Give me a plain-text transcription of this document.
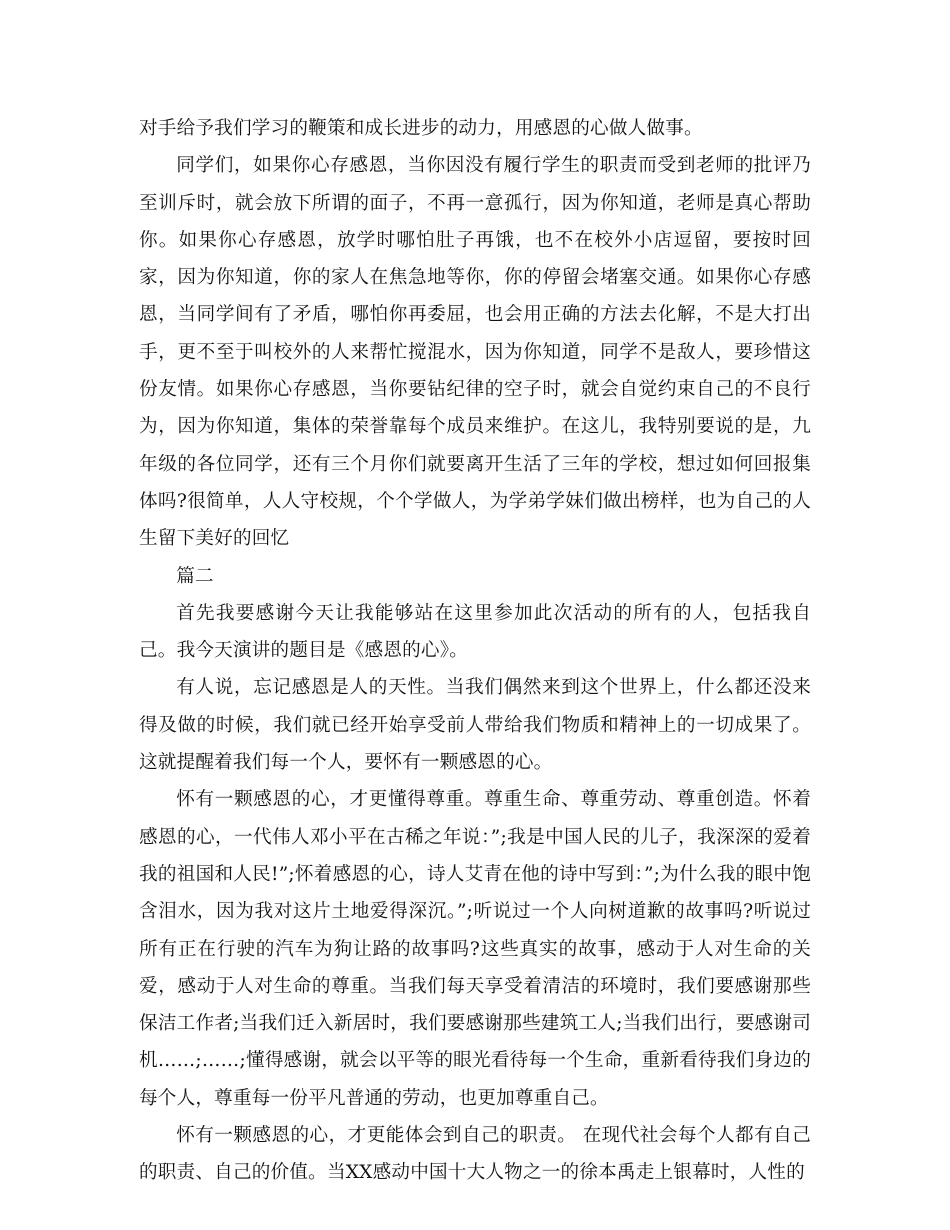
对手给予我们学习的鞭策和成长进步的动力，用感恩的心做人做事。

同学们，如果你心存感恩，当你因没有履行学生的职责而受到老师的批评乃至训斥时，就会放下所谓的面子，不再一意孤行，因为你知道，老师是真心帮助你。如果你心存感恩，放学时哪怕肚子再饿，也不在校外小店逗留，要按时回家，因为你知道，你的家人在焦急地等你，你的停留会堵塞交通。如果你心存感恩，当同学间有了矛盾，哪怕你再委屈，也会用正确的方法去化解，不是大打出手，更不至于叫校外的人来帮忙搅混水，因为你知道，同学不是敌人，要珍惜这份友情。如果你心存感恩，当你要钻纪律的空子时，就会自觉约束自己的不良行为，因为你知道，集体的荣誉靠每个成员来维护。在这儿，我特别要说的是，九年级的各位同学，还有三个月你们就要离开生活了三年的学校，想过如何回报集体吗?很简单，人人守校规，个个学做人，为学弟学妹们做出榜样，也为自己的人生留下美好的回忆

篇二

首先我要感谢今天让我能够站在这里参加此次活动的所有的人，包括我自己。我今天演讲的题目是《感恩的心》。

有人说，忘记感恩是人的天性。当我们偶然来到这个世界上，什么都还没来得及做的时候，我们就已经开始享受前人带给我们物质和精神上的一切成果了。这就提醒着我们每一个人，要怀有一颗感恩的心。

怀有一颗感恩的心，才更懂得尊重。尊重生命、尊重劳动、尊重创造。怀着感恩的心，一代伟人邓小平在古稀之年说：”;我是中国人民的儿子，我深深的爱着我的祖国和人民!”;怀着感恩的心，诗人艾青在他的诗中写到：”;为什么我的眼中饱含泪水，因为我对这片土地爱得深沉。”;听说过一个人向树道歉的故事吗?听说过所有正在行驶的汽车为狗让路的故事吗?这些真实的故事，感动于人对生命的关爱，感动于人对生命的尊重。当我们每天享受着清洁的环境时，我们要感谢那些保洁工作者;当我们迁入新居时，我们要感谢那些建筑工人;当我们出行，要感谢司机……;……;懂得感谢，就会以平等的眼光看待每一个生命，重新看待我们身边的每个人，尊重每一份平凡普通的劳动，也更加尊重自己。

怀有一颗感恩的心，才更能体会到自己的职责。 在现代社会每个人都有自己的职责、自己的价值。当XX感动中国十大人物之一的徐本禹走上银幕时，人性的
